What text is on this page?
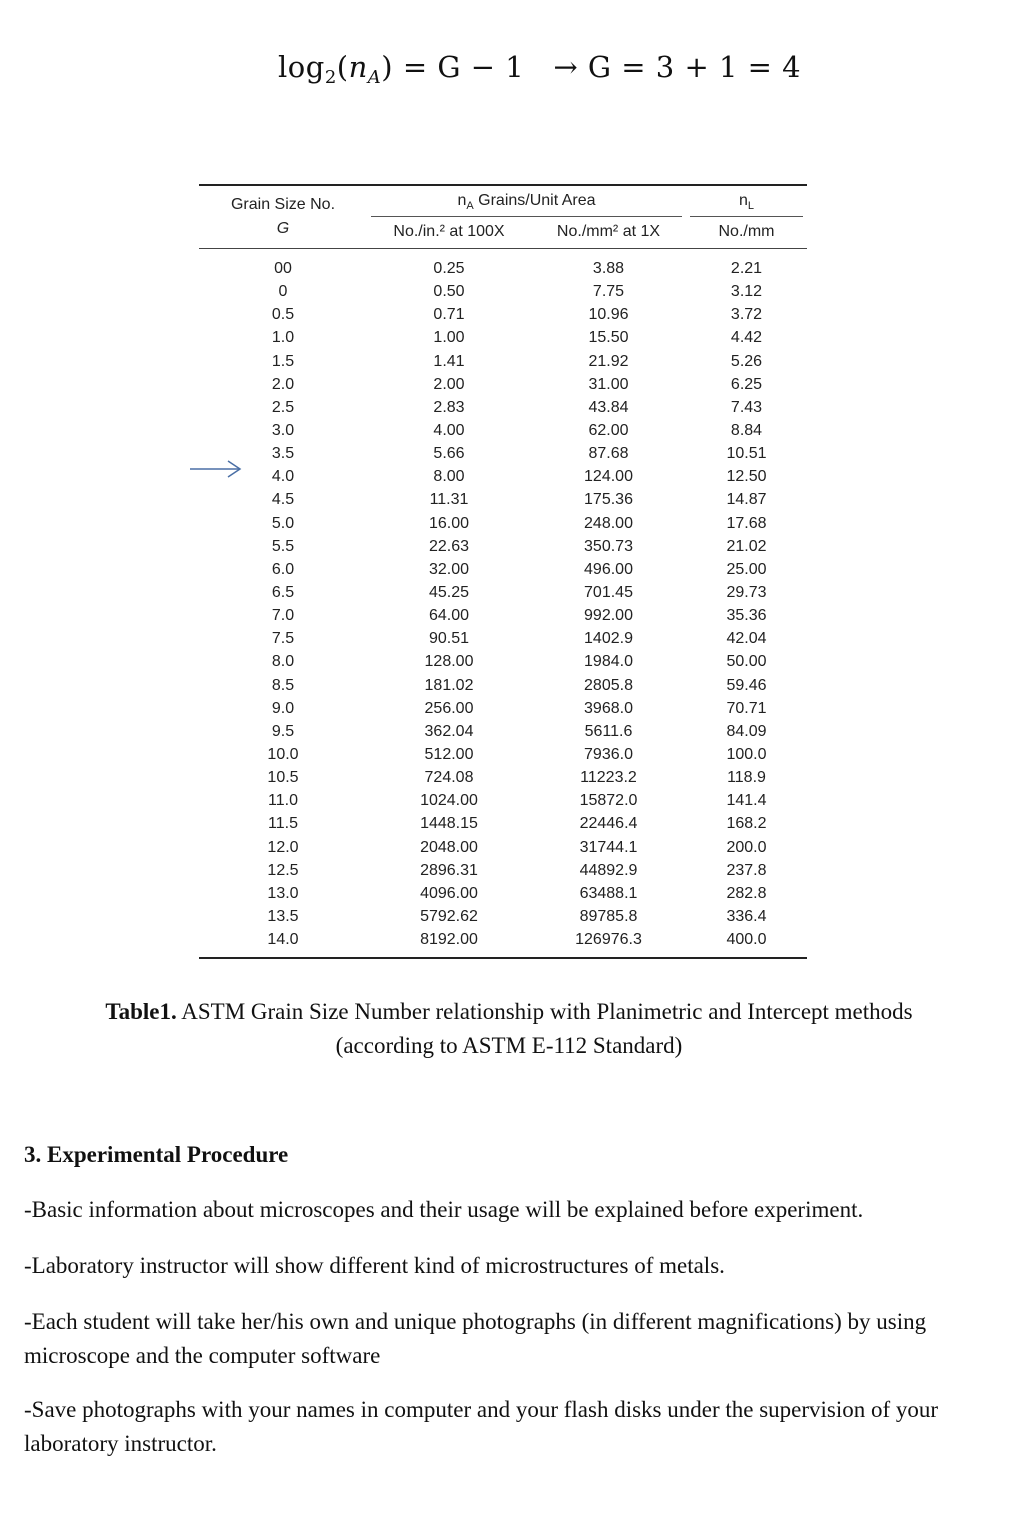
$\log_2(n_A) = G - 1 \to G = 3 + 1 = 4$
Grain Size No.
G
$n_A$ Grains/Unit Area
No./in.² at 100X	No./mm² at 1X
$n_L$
No./mm
00	0.25	3.88	2.21
0	0.50	7.75	3.12
0.5	0.71	10.96	3.72
1.0	1.00	15.50	4.42
1.5	1.41	21.92	5.26
2.0	2.00	31.00	6.25
2.5	2.83	43.84	7.43
3.0	4.00	62.00	8.84
3.5	5.66	87.68	10.51
4.0	8.00	124.00	12.50
4.5	11.31	175.36	14.87
5.0	16.00	248.00	17.68
5.5	22.63	350.73	21.02
6.0	32.00	496.00	25.00
6.5	45.25	701.45	29.73
7.0	64.00	992.00	35.36
7.5	90.51	1402.9	42.04
8.0	128.00	1984.0	50.00
8.5	181.02	2805.8	59.46
9.0	256.00	3968.0	70.71
9.5	362.04	5611.6	84.09
10.0	512.00	7936.0	100.0
10.5	724.08	11223.2	118.9
11.0	1024.00	15872.0	141.4
11.5	1448.15	22446.4	168.2
12.0	2048.00	31744.1	200.0
12.5	2896.31	44892.9	237.8
13.0	4096.00	63488.1	282.8
13.5	5792.62	89785.8	336.4
14.0	8192.00	126976.3	400.0
Table1. ASTM Grain Size Number relationship with Planimetric and Intercept methods
(according to ASTM E-112 Standard)
3. Experimental Procedure
-Basic information about microscopes and their usage will be explained before experiment.
-Laboratory instructor will show different kind of microstructures of metals.
-Each student will take her/his own and unique photographs (in different magnifications) by using microscope and the computer software
-Save photographs with your names in computer and your flash disks under the supervision of your laboratory instructor.
